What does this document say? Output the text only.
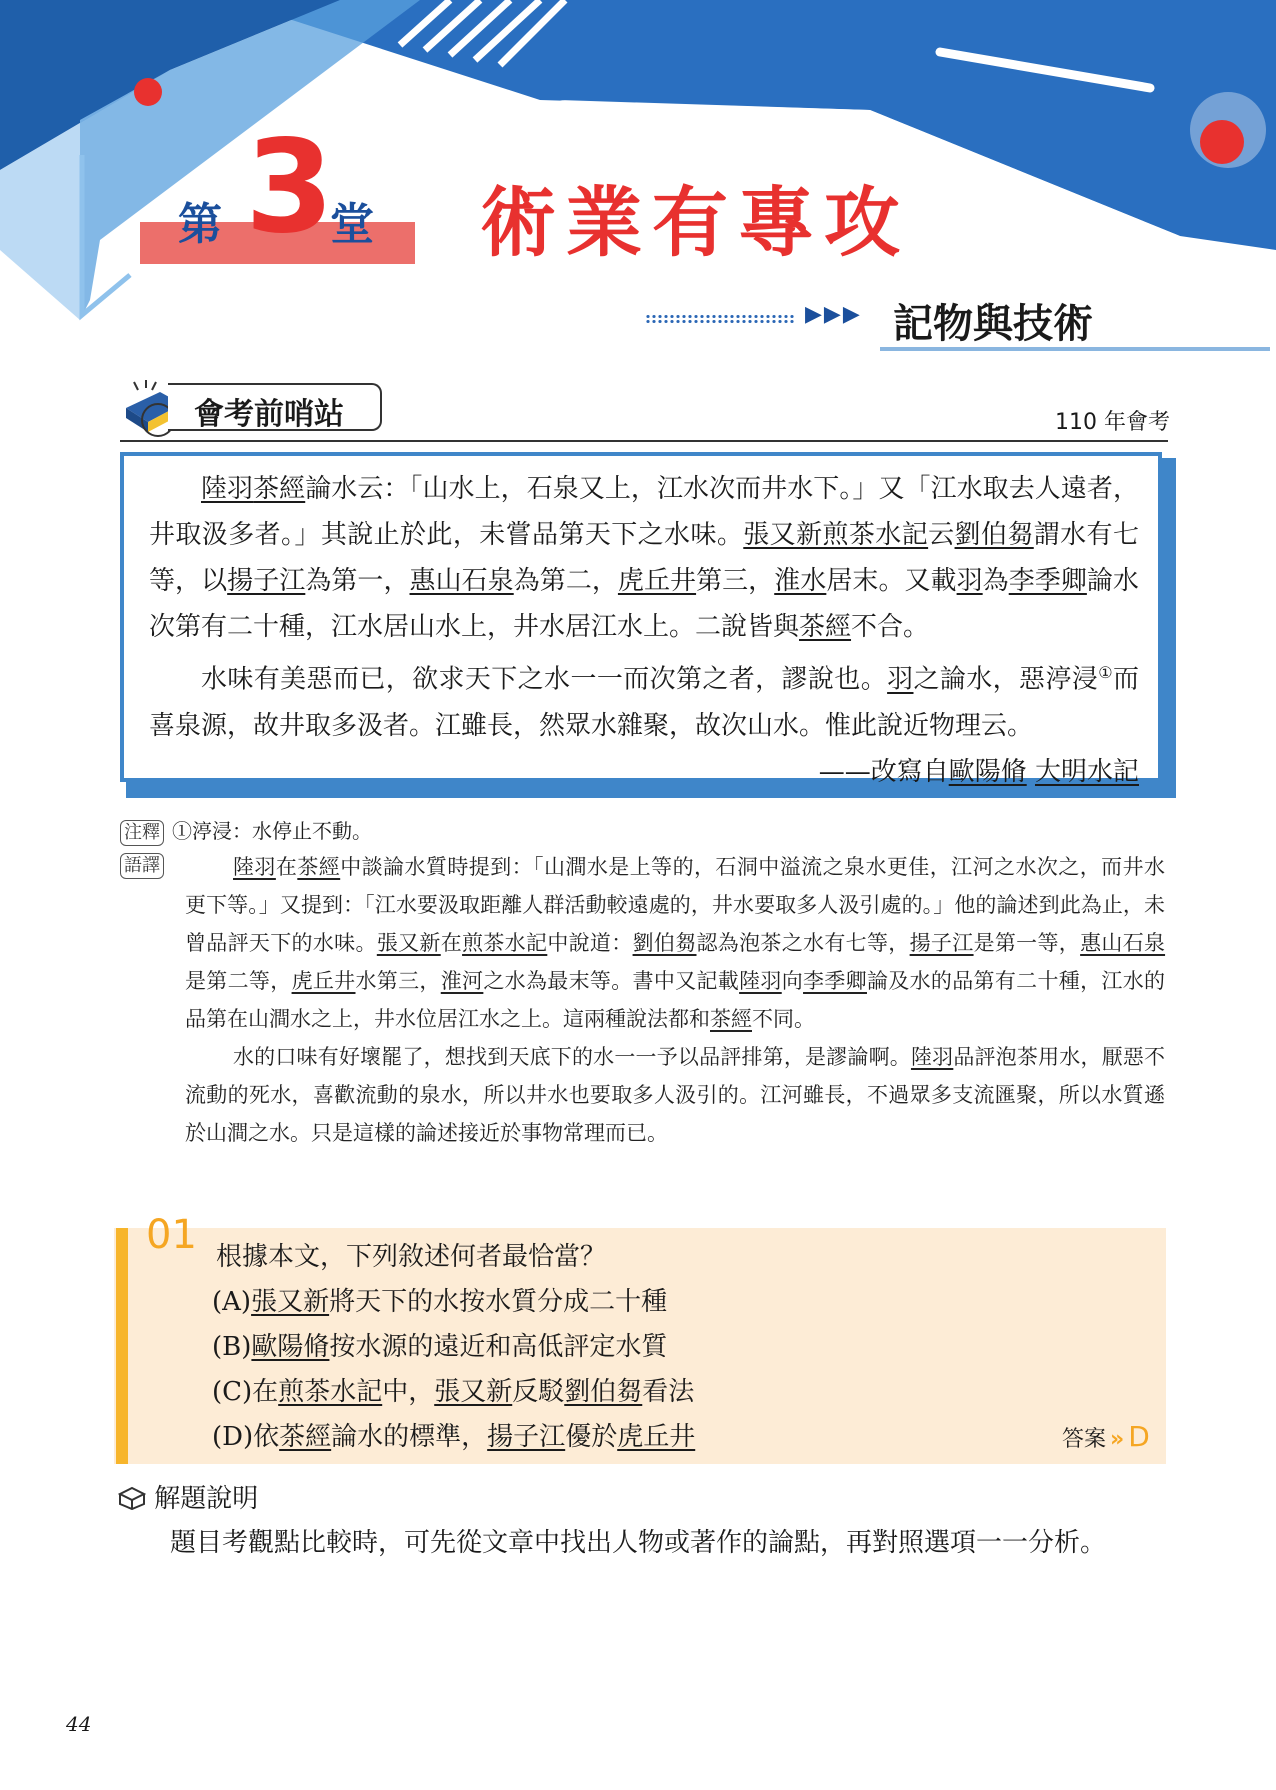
第 3
堂 術業有專攻
▶▶▶ 記物與技術
會考前哨站	110 年會考

陸羽茶經論水云：「山水上，石泉又上，江水次而井水下。」又「江水取去人遠者，井取汲多者。」其說止於此，未嘗品第天下之水味。張又新煎茶水記云劉伯芻謂水有七等，以揚子江為第一，惠山石泉為第二，虎丘井第三，淮水居末。又載羽為李季卿論水次第有二十種，江水居山水上，井水居江水上。二說皆與茶經不合。

水味有美惡而已，欲求天下之水一一而次第之者，謬說也。羽之論水，惡渟浸①而喜泉源，故井取多汲者。江雖長，然眾水雜聚，故次山水。惟此說近物理云。

——改寫自歐陽脩 大明水記

注釋 ①渟浸：水停止不動。
語譯	陸羽在茶經中談論水質時提到：「山澗水是上等的，石洞中溢流之泉水更佳，江河之水次之，而井水更下等。」又提到：「江水要汲取距離人群活動較遠處的，井水要取多人汲引處的。」他的論述到此為止，未曾品評天下的水味。張又新在煎茶水記中說道：劉伯芻認為泡茶之水有七等，揚子江是第一等，惠山石泉是第二等，虎丘井水第三，淮河之水為最末等。書中又記載陸羽向李季卿論及水的品第有二十種，江水的品第在山澗水之上，井水位居江水之上。這兩種說法都和茶經不同。

水的口味有好壞罷了，想找到天底下的水一一予以品評排第，是謬論啊。陸羽品評泡茶用水，厭惡不流動的死水，喜歡流動的泉水，所以井水也要取多人汲引的。江河雖長，不過眾多支流匯聚，所以水質遜於山澗之水。只是這樣的論述接近於事物常理而已。

01 根據本文，下列敘述何者最恰當？
(A)張又新將天下的水按水質分成二十種
(B)歐陽脩按水源的遠近和高低評定水質
(C)在煎茶水記中，張又新反駁劉伯芻看法
(D)依茶經論水的標準，揚子江優於虎丘井	答案 » D
解題說明
題目考觀點比較時，可先從文章中找出人物或著作的論點，再對照選項一一分析。
44
